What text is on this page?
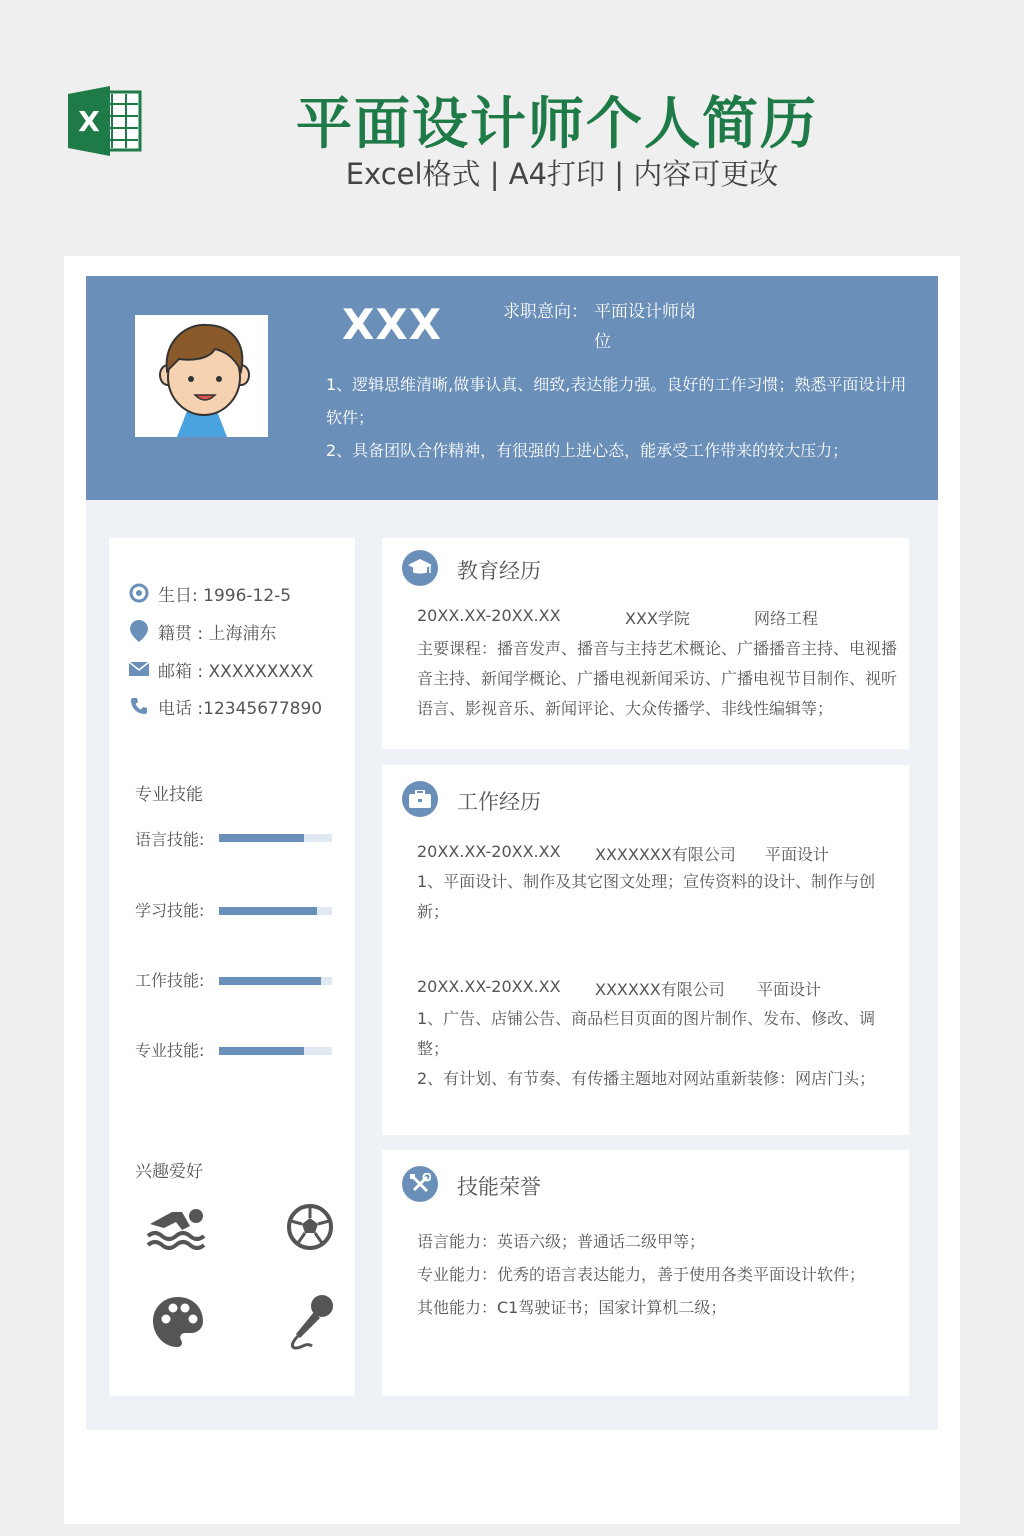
X	平面设计师个人简历
Excel格式 | A4打印 | 内容可更改
XXX	求职意向： 平面设计师岗位
1、逻辑思维清晰,做事认真、细致,表达能力强。良好的工作习惯；熟悉平面设计用软件；
2、具备团队合作精神，有很强的上进心态，能承受工作带来的较大压力；
生日: 1996-12-5
籍贯 : 上海浦东
邮箱 : XXXXXXXXX
电话 :12345677890
专业技能
语言技能:
学习技能:
工作技能:
专业技能:
兴趣爱好
教育经历
20XX.XX-20XX.XX	XXX学院	网络工程
主要课程：播音发声、播音与主持艺术概论、广播播音主持、电视播音主持、新闻学概论、广播电视新闻采访、广播电视节目制作、视听语言、影视音乐、新闻评论、大众传播学、非线性编辑等；
工作经历
20XX.XX-20XX.XX XXXXXXX有限公司 平面设计
1、平面设计、制作及其它图文处理；宣传资料的设计、制作与创新；
20XX.XX-20XX.XX XXXXXX有限公司 平面设计
1、广告、店铺公告、商品栏目页面的图片制作、发布、修改、调整；
2、有计划、有节奏、有传播主题地对网站重新装修：网店门头；
技能荣誉
语言能力：英语六级；普通话二级甲等；
专业能力：优秀的语言表达能力，善于使用各类平面设计软件；
其他能力：C1驾驶证书；国家计算机二级；
